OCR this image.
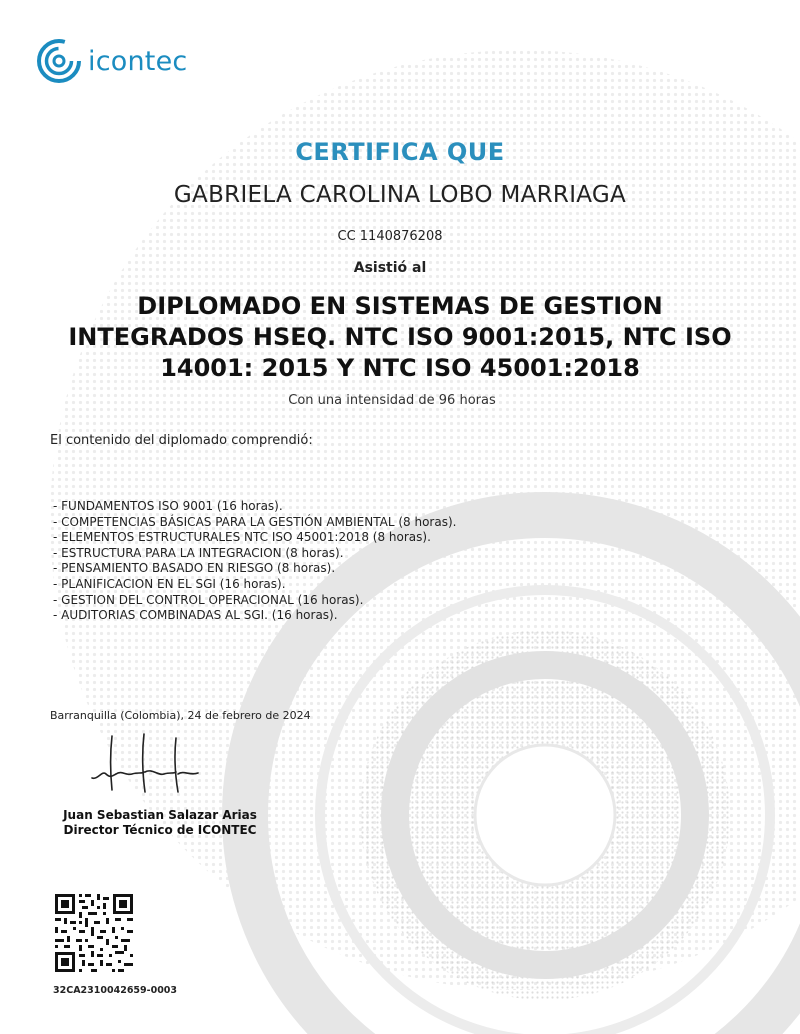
icontec
CERTIFICA QUE
GABRIELA CAROLINA LOBO MARRIAGA
CC 1140876208
Asistió al
DIPLOMADO EN SISTEMAS DE GESTION
INTEGRADOS HSEQ. NTC ISO 9001:2015, NTC ISO
14001: 2015 Y NTC ISO 45001:2018
Con una intensidad de 96 horas
El contenido del diplomado comprendió:
- FUNDAMENTOS ISO 9001 (16 horas).
- COMPETENCIAS BÁSICAS PARA LA GESTIÓN AMBIENTAL (8 horas).
- ELEMENTOS ESTRUCTURALES NTC ISO 45001:2018 (8 horas).
- ESTRUCTURA PARA LA INTEGRACION (8 horas).
- PENSAMIENTO BASADO EN RIESGO (8 horas).
- PLANIFICACION EN EL SGI (16 horas).
- GESTION DEL CONTROL OPERACIONAL (16 horas).
- AUDITORIAS COMBINADAS AL SGI. (16 horas).
Barranquilla (Colombia), 24 de febrero de 2024
Juan Sebastian Salazar Arias
Director Técnico de ICONTEC
32CA2310042659-0003
